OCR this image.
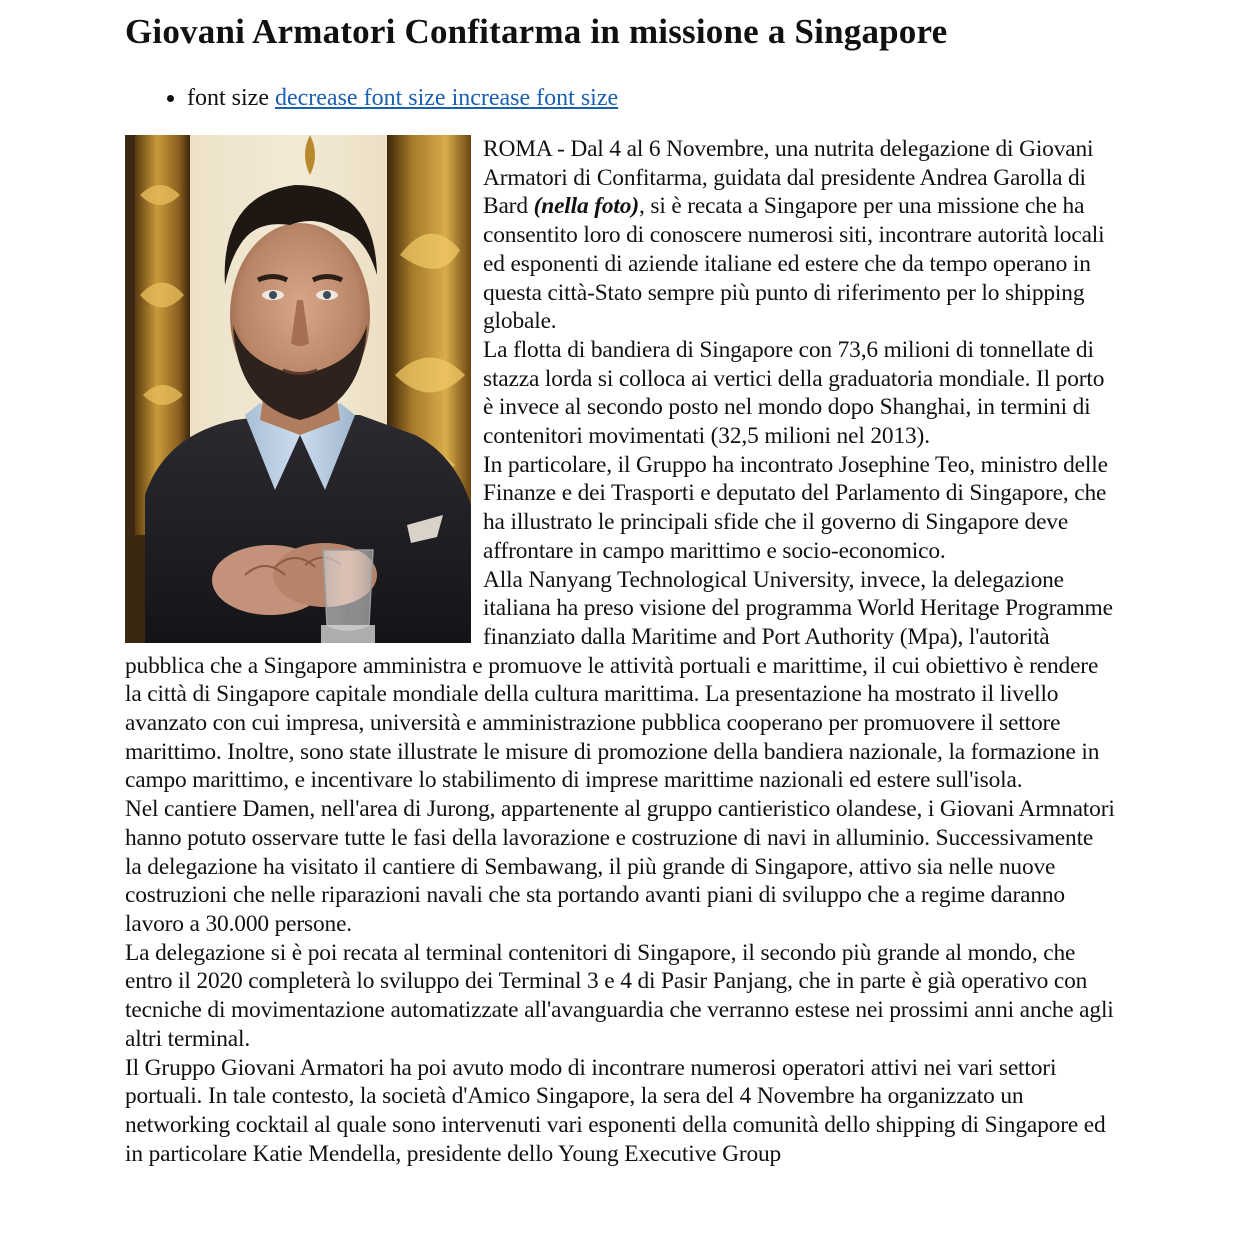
Giovani Armatori Confitarma in missione a Singapore
• font size decrease font size increase font size

ROMA - Dal 4 al 6 Novembre, una nutrita delegazione di Giovani Armatori di Confitarma, guidata dal presidente Andrea Garolla di Bard (nella foto), si è recata a Singapore per una missione che ha consentito loro di conoscere numerosi siti, incontrare autorità locali ed esponenti di aziende italiane ed estere che da tempo operano in questa città-Stato sempre più punto di riferimento per lo shipping globale.

La flotta di bandiera di Singapore con 73,6 milioni di tonnellate di stazza lorda si colloca ai vertici della graduatoria mondiale. Il porto è invece al secondo posto nel mondo dopo Shanghai, in termini di contenitori movimentati (32,5 milioni nel 2013).

In particolare, il Gruppo ha incontrato Josephine Teo, ministro delle Finanze e dei Trasporti e deputato del Parlamento di Singapore, che ha illustrato le principali sfide che il governo di Singapore deve affrontare in campo marittimo e socio-economico.

Alla Nanyang Technological University, invece, la delegazione italiana ha preso visione del programma World Heritage Programme finanziato dalla Maritime and Port Authority (Mpa), l'autorità pubblica che a Singapore amministra e promuove le attività portuali e marittime, il cui obiettivo è rendere la città di Singapore capitale mondiale della cultura marittima. La presentazione ha mostrato il livello avanzato con cui impresa, università e amministrazione pubblica cooperano per promuovere il settore marittimo. Inoltre, sono state illustrate le misure di promozione della bandiera nazionale, la formazione in campo marittimo, e incentivare lo stabilimento di imprese marittime nazionali ed estere sull'isola.

Nel cantiere Damen, nell'area di Jurong, appartenente al gruppo cantieristico olandese, i Giovani Armnatori hanno potuto osservare tutte le fasi della lavorazione e costruzione di navi in alluminio. Successivamente la delegazione ha visitato il cantiere di Sembawang, il più grande di Singapore, attivo sia nelle nuove costruzioni che nelle riparazioni navali che sta portando avanti piani di sviluppo che a regime daranno lavoro a 30.000 persone.

La delegazione si è poi recata al terminal contenitori di Singapore, il secondo più grande al mondo, che entro il 2020 completerà lo sviluppo dei Terminal 3 e 4 di Pasir Panjang, che in parte è già operativo con tecniche di movimentazione automatizzate all'avanguardia che verranno estese nei prossimi anni anche agli altri terminal.

Il Gruppo Giovani Armatori ha poi avuto modo di incontrare numerosi operatori attivi nei vari settori portuali. In tale contesto, la società d'Amico Singapore, la sera del 4 Novembre ha organizzato un networking cocktail al quale sono intervenuti vari esponenti della comunità dello shipping di Singapore ed in particolare Katie Mendella, presidente dello Young Executive Group
